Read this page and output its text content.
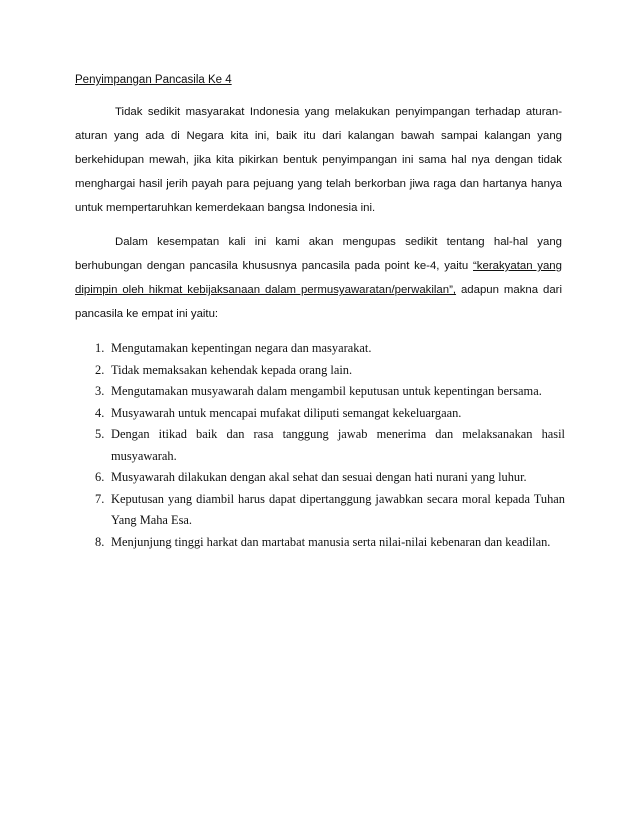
Penyimpangan Pancasila Ke 4

Tidak sedikit masyarakat Indonesia yang melakukan penyimpangan terhadap aturan-aturan yang ada di Negara kita ini, baik itu dari kalangan bawah sampai kalangan yang berkehidupan mewah, jika kita pikirkan bentuk penyimpangan ini sama hal nya dengan tidak menghargai hasil jerih payah para pejuang yang telah berkorban jiwa raga dan hartanya hanya untuk mempertaruhkan kemerdekaan bangsa Indonesia ini.

Dalam kesempatan kali ini kami akan mengupas sedikit tentang hal-hal yang berhubungan dengan pancasila khususnya pancasila pada point ke-4, yaitu “kerakyatan yang dipimpin oleh hikmat kebijaksanaan dalam permusyawaratan/perwakilan”, adapun makna dari pancasila ke empat ini yaitu:

1. Mengutamakan kepentingan negara dan masyarakat.
2. Tidak memaksakan kehendak kepada orang lain.
3. Mengutamakan musyawarah dalam mengambil keputusan untuk kepentingan bersama.
4. Musyawarah untuk mencapai mufakat diliputi semangat kekeluargaan.
5. Dengan itikad baik dan rasa tanggung jawab menerima dan melaksanakan hasil musyawarah.
6. Musyawarah dilakukan dengan akal sehat dan sesuai dengan hati nurani yang luhur.
7. Keputusan yang diambil harus dapat dipertanggung jawabkan secara moral kepada Tuhan Yang Maha Esa.
8. Menjunjung tinggi harkat dan martabat manusia serta nilai-nilai kebenaran dan keadilan.
